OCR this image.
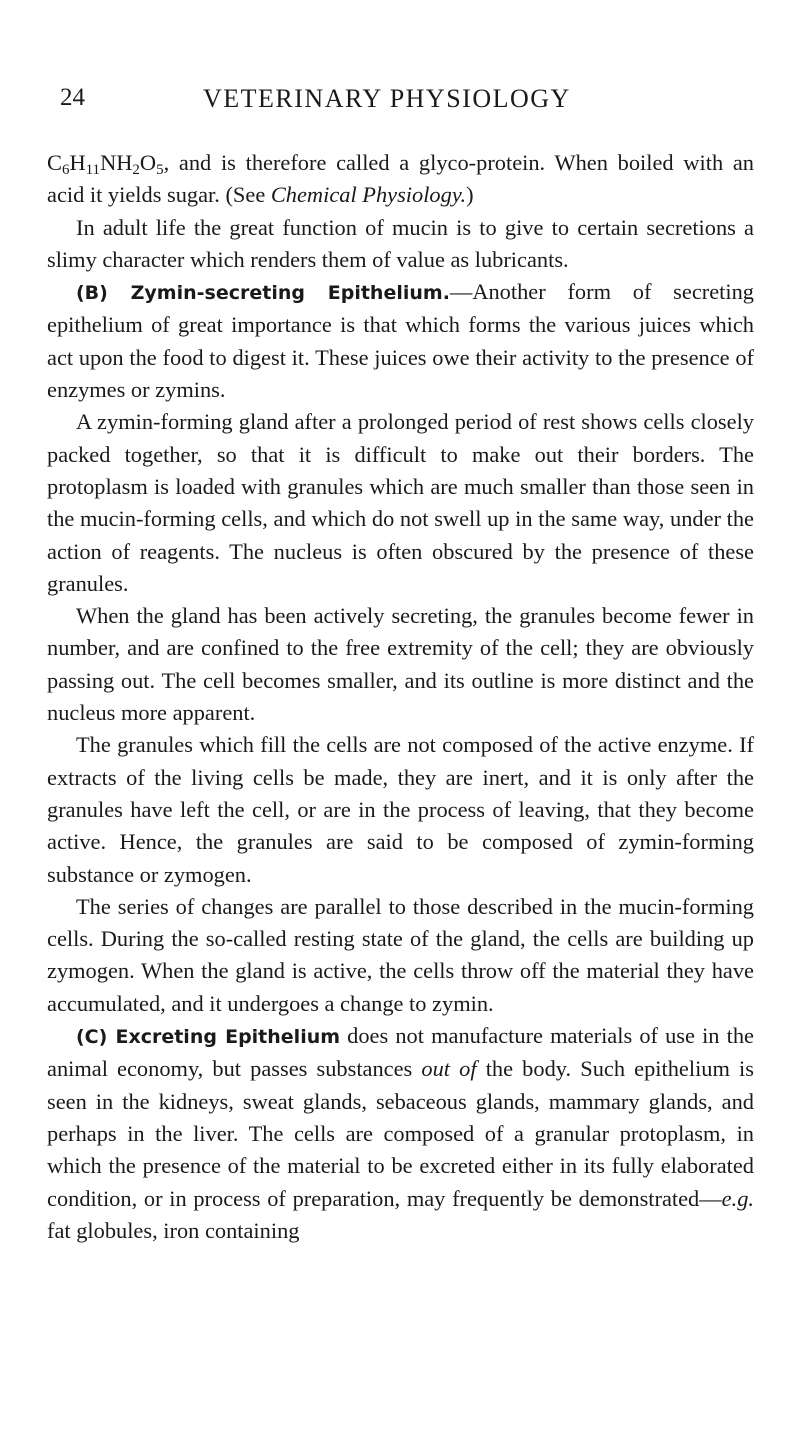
24	VETERINARY PHYSIOLOGY

$C_6H_{11}NH_2O_5$, and is therefore called a glyco-protein. When boiled with an acid it yields sugar. (See Chemical Physiology.)

In adult life the great function of mucin is to give to certain secretions a slimy character which renders them of value as lubricants.

(B) Zymin-secreting Epithelium.—Another form of secreting epithelium of great importance is that which forms the various juices which act upon the food to digest it. These juices owe their activity to the presence of enzymes or zymins.

A zymin-forming gland after a prolonged period of rest shows cells closely packed together, so that it is difficult to make out their borders. The protoplasm is loaded with granules which are much smaller than those seen in the mucin-forming cells, and which do not swell up in the same way, under the action of reagents. The nucleus is often obscured by the presence of these granules.

When the gland has been actively secreting, the granules become fewer in number, and are confined to the free extremity of the cell; they are obviously passing out. The cell becomes smaller, and its outline is more distinct and the nucleus more apparent.

The granules which fill the cells are not composed of the active enzyme. If extracts of the living cells be made, they are inert, and it is only after the granules have left the cell, or are in the process of leaving, that they become active. Hence, the granules are said to be composed of zymin-forming substance or zymogen.

The series of changes are parallel to those described in the mucin-forming cells. During the so-called resting state of the gland, the cells are building up zymogen. When the gland is active, the cells throw off the material they have accumulated, and it undergoes a change to zymin.

(C) Excreting Epithelium does not manufacture materials of use in the animal economy, but passes substances out of the body. Such epithelium is seen in the kidneys, sweat glands, sebaceous glands, mammary glands, and perhaps in the liver. The cells are composed of a granular protoplasm, in which the presence of the material to be excreted either in its fully elaborated condition, or in process of preparation, may frequently be demonstrated—e.g. fat globules, iron containing
